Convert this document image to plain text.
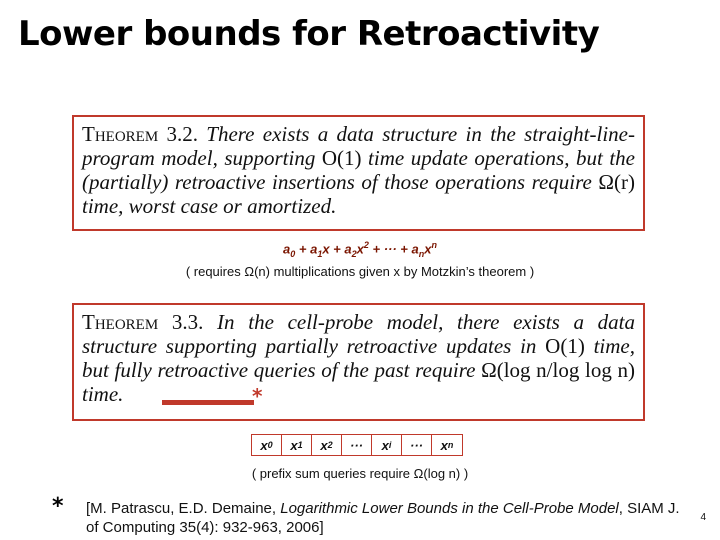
Lower bounds for Retroactivity
Theorem 3.2. There exists a data structure in the straight-line-program model, supporting O(1) time update operations, but the (partially) retroactive insertions of those operations require Ω(r) time, worst case or amortized.
$a_0 + a_1x + a_2x^2$ + ··· + $a_nx^n$
( requires Ω(n) multiplications given x by Motzkin’s theorem )
Theorem 3.3. In the cell-probe model, there exists a data structure supporting partially retroactive updates in O(1) time, but fully retroactive queries of the past require Ω(log n/log log n) time.	*
x 0 x 1 x 2 ··· x i ··· x n
( prefix sum queries require Ω(log n) )
* [M. Patrascu, E.D. Demaine, Logarithmic Lower Bounds in the Cell-Probe Model, SIAM J. of Computing 35(4): 932-963, 2006]
4
